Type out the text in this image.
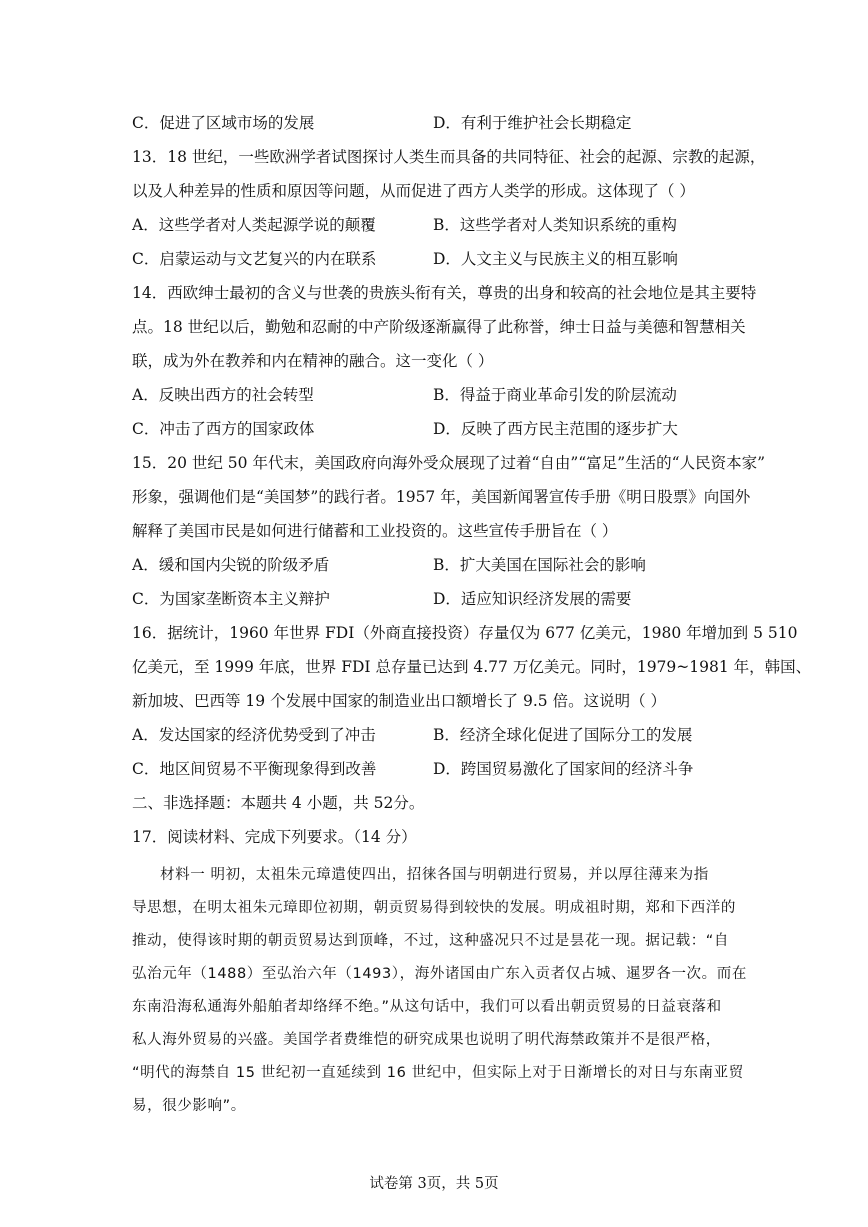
C．促进了区域市场的发展	D．有利于维护社会长期稳定
13．18 世纪，一些欧洲学者试图探讨人类生而具备的共同特征、社会的起源、宗教的起源，
以及人种差异的性质和原因等问题，从而促进了西方人类学的形成。这体现了（ ）
A．这些学者对人类起源学说的颠覆	B．这些学者对人类知识系统的重构
C．启蒙运动与文艺复兴的内在联系	D．人文主义与民族主义的相互影响
14．西欧绅士最初的含义与世袭的贵族头衔有关，尊贵的出身和较高的社会地位是其主要特
点。18 世纪以后，勤勉和忍耐的中产阶级逐渐赢得了此称誉，绅士日益与美德和智慧相关
联，成为外在教养和内在精神的融合。这一变化（ ）
A．反映出西方的社会转型	B．得益于商业革命引发的阶层流动
C．冲击了西方的国家政体	D．反映了西方民主范围的逐步扩大
15．20 世纪 50 年代末，美国政府向海外受众展现了过着“自由”“富足”生活的“人民资本家”
形象，强调他们是“美国梦”的践行者。1957 年，美国新闻署宣传手册《明日股票》向国外
解释了美国市民是如何进行储蓄和工业投资的。这些宣传手册旨在（ ）
A．缓和国内尖锐的阶级矛盾	B．扩大美国在国际社会的影响
C．为国家垄断资本主义辩护	D．适应知识经济发展的需要
16．据统计，1960 年世界 FDI（外商直接投资）存量仅为 677 亿美元，1980 年增加到 5 510
亿美元，至 1999 年底，世界 FDI 总存量已达到 4.77 万亿美元。同时，1979~1981 年，韩国、
新加坡、巴西等 19 个发展中国家的制造业出口额增长了 9.5 倍。这说明（ ）
A．发达国家的经济优势受到了冲击	B．经济全球化促进了国际分工的发展
C．地区间贸易不平衡现象得到改善	D．跨国贸易激化了国家间的经济斗争
二、非选择题：本题共 4 小题，共 52分。
17．阅读材料、完成下列要求。（14 分）
材料一 明初，太祖朱元璋遣使四出，招徕各国与明朝进行贸易，并以厚往薄来为指
导思想，在明太祖朱元璋即位初期，朝贡贸易得到较快的发展。明成祖时期，郑和下西洋的
推动，使得该时期的朝贡贸易达到顶峰，不过，这种盛况只不过是昙花一现。据记载：“自
弘治元年（1488）至弘治六年（1493），海外诸国由广东入贡者仅占城、暹罗各一次。而在
东南沿海私通海外船舶者却络绎不绝。”从这句话中，我们可以看出朝贡贸易的日益衰落和
私人海外贸易的兴盛。美国学者费维恺的研究成果也说明了明代海禁政策并不是很严格，
“明代的海禁自 15 世纪初一直延续到 16 世纪中，但实际上对于日渐增长的对日与东南亚贸
易，很少影响”。
试卷第 3页，共 5页
